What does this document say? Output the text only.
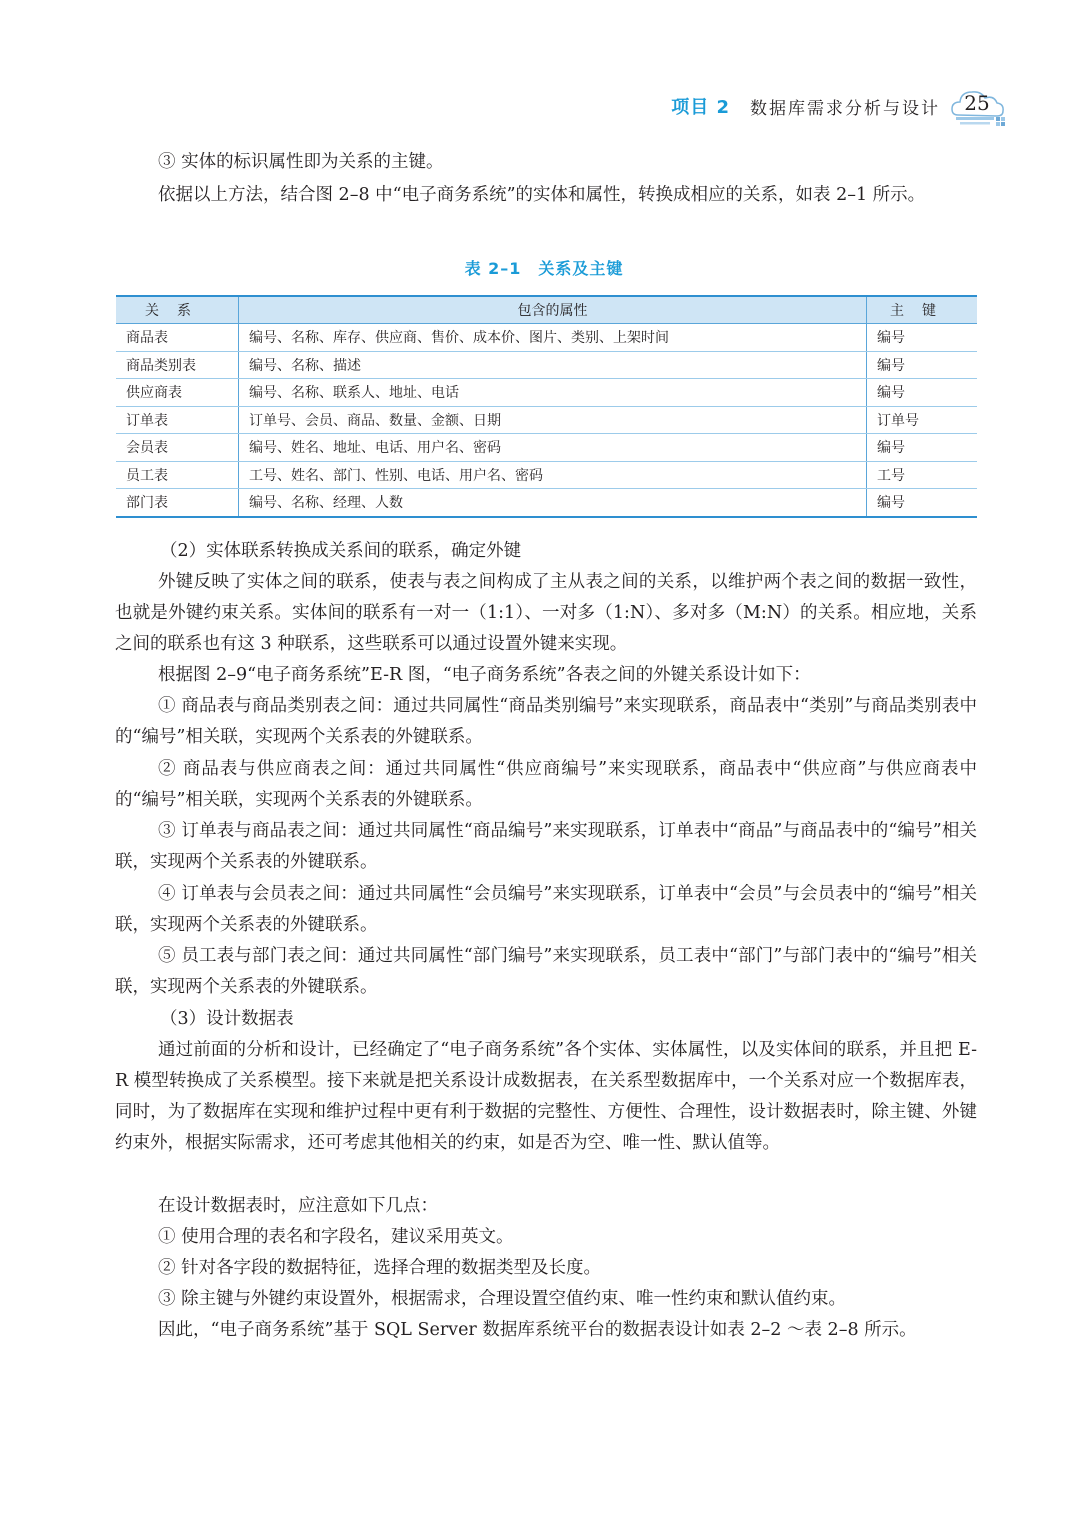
项目 2 数据库需求分析与设计 25

③ 实体的标识属性即为关系的主键。

依据以上方法，结合图 2–8 中“电子商务系统”的实体和属性，转换成相应的关系，如表 2–1 所示。

表 2–1　关系及主键
关系	包含的属性	主键
商品表	编号、名称、库存、供应商、售价、成本价、图片、类别、上架时间	编号
商品类别表	编号、名称、描述	编号
供应商表	编号、名称、联系人、地址、电话	编号
订单表	订单号、会员、商品、数量、金额、日期	订单号
会员表	编号、姓名、地址、电话、用户名、密码	编号
员工表	工号、姓名、部门、性别、电话、用户名、密码	工号
部门表	编号、名称、经理、人数	编号

（2）实体联系转换成关系间的联系，确定外键

外键反映了实体之间的联系，使表与表之间构成了主从表之间的关系，以维护两个表之间的数据一致性，也就是外键约束关系。实体间的联系有一对一（1:1）、一对多（1:N）、多对多（M:N）的关系。相应地，关系之间的联系也有这 3 种联系，这些联系可以通过设置外键来实现。

根据图 2–9“电子商务系统”E-R 图，“电子商务系统”各表之间的外键关系设计如下：

① 商品表与商品类别表之间：通过共同属性“商品类别编号”来实现联系，商品表中“类别”与商品类别表中的“编号”相关联，实现两个关系表的外键联系。

② 商品表与供应商表之间：通过共同属性“供应商编号”来实现联系，商品表中“供应商”与供应商表中的“编号”相关联，实现两个关系表的外键联系。

③ 订单表与商品表之间：通过共同属性“商品编号”来实现联系，订单表中“商品”与商品表中的“编号”相关联，实现两个关系表的外键联系。

④ 订单表与会员表之间：通过共同属性“会员编号”来实现联系，订单表中“会员”与会员表中的“编号”相关联，实现两个关系表的外键联系。

⑤ 员工表与部门表之间：通过共同属性“部门编号”来实现联系，员工表中“部门”与部门表中的“编号”相关联，实现两个关系表的外键联系。

（3）设计数据表

通过前面的分析和设计，已经确定了“电子商务系统”各个实体、实体属性，以及实体间的联系，并且把 E-R 模型转换成了关系模型。接下来就是把关系设计成数据表，在关系型数据库中，一个关系对应一个数据库表，同时，为了数据库在实现和维护过程中更有利于数据的完整性、方便性、合理性，设计数据表时，除主键、外键约束外，根据实际需求，还可考虑其他相关的约束，如是否为空、唯一性、默认值等。

在设计数据表时，应注意如下几点：

① 使用合理的表名和字段名，建议采用英文。

② 针对各字段的数据特征，选择合理的数据类型及长度。

③ 除主键与外键约束设置外，根据需求，合理设置空值约束、唯一性约束和默认值约束。

因此，“电子商务系统”基于 SQL Server 数据库系统平台的数据表设计如表 2–2 ～表 2–8 所示。
